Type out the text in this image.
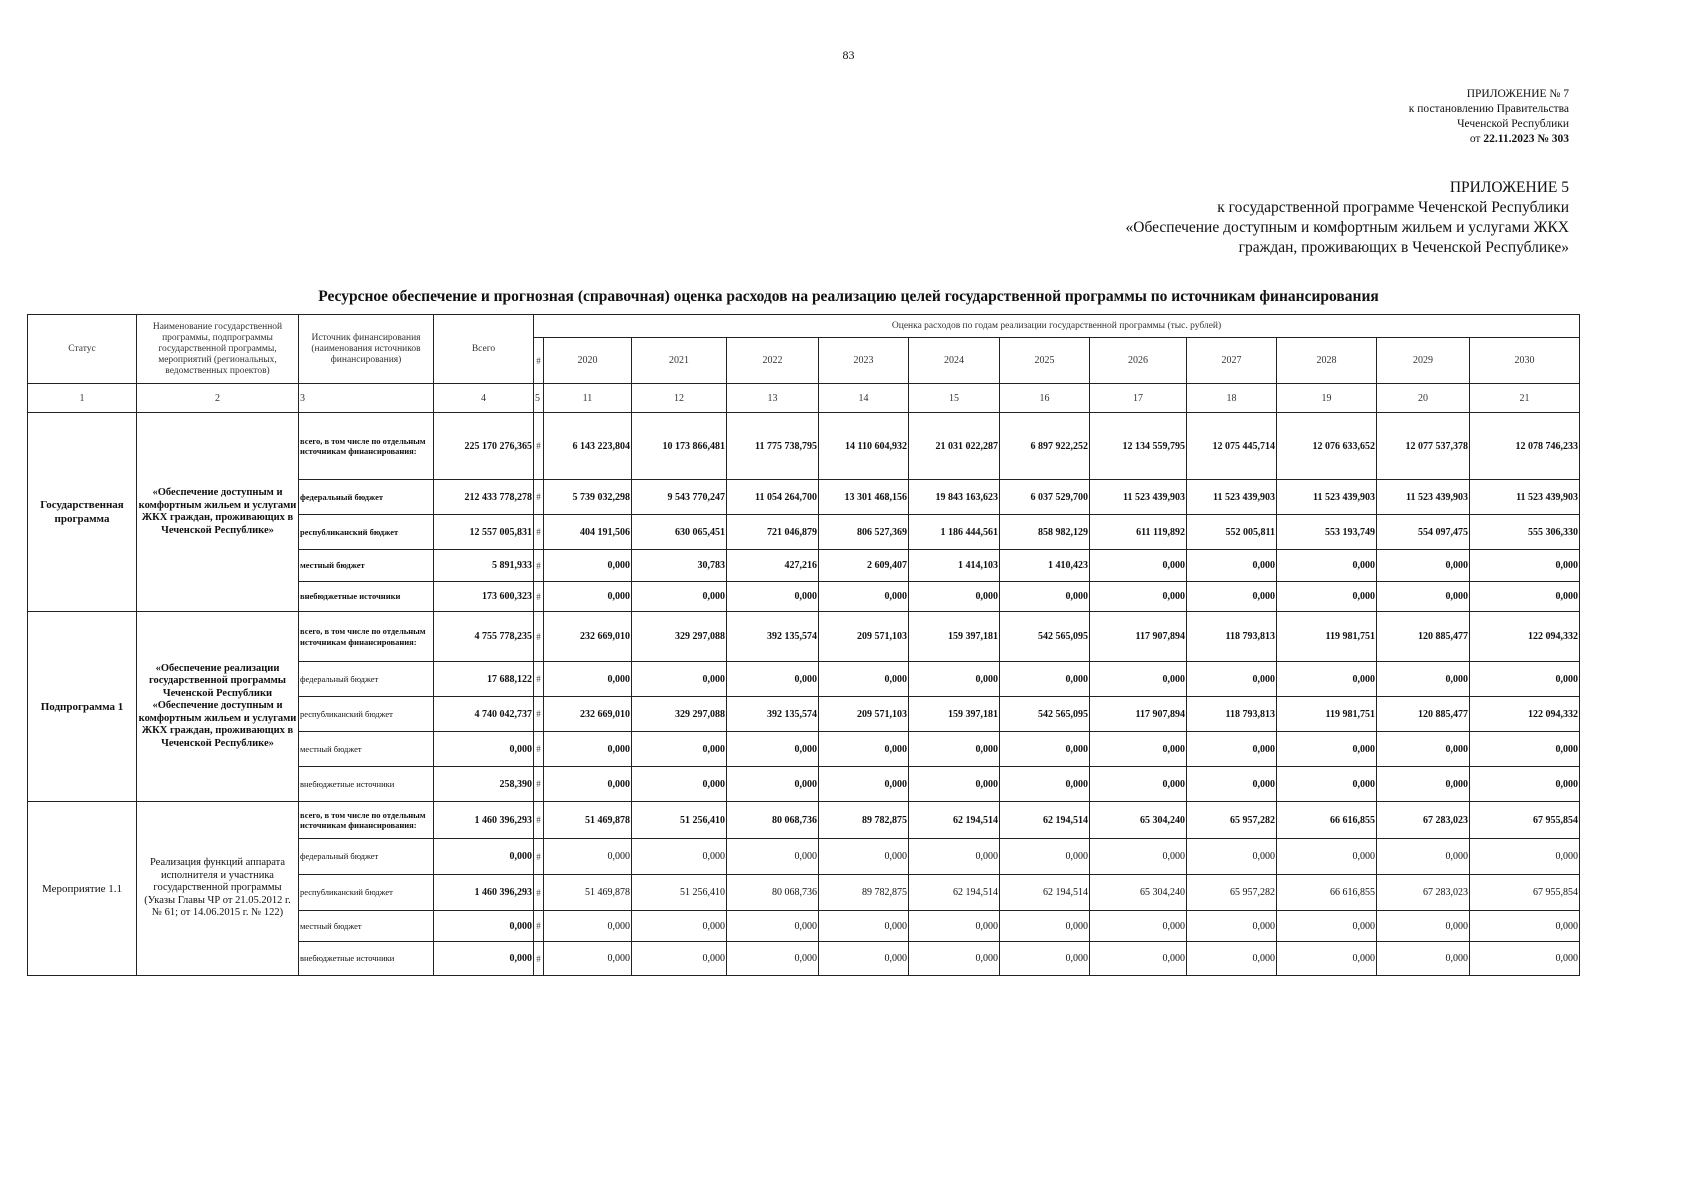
83
ПРИЛОЖЕНИЕ № 7
к постановлению Правительства
Чеченской Республики
от 22.11.2023 № 303
ПРИЛОЖЕНИЕ 5
к государственной программе Чеченской Республики
«Обеспечение доступным и комфортным жильем и услугами ЖКХ
граждан, проживающих в Чеченской Республике»
Ресурсное обеспечение и прогнозная (справочная) оценка расходов на реализацию целей государственной программы по источникам финансирования
Статус	Наименование государственной программы, подпрограммы государственной программы, мероприятий (региональных, ведомственных проектов)	Источник финансирования (наименования источников финансирования)	Всего	Оценка расходов по годам реализации государственной программы (тыс. рублей)											
				#	2020	2021	2022	2023	2024	2025	2026	2027	2028	2029	2030
1	2	3	4	5	11	12	13	14	15	16	17	18	19	20	21
Государственная программа	«Обеспечение доступным и комфортным жильем и услугами ЖКХ граждан, проживающих в Чеченской Республике»	всего, в том числе по отдельным источникам финансирования:	225 170 276,365	#	6 143 223,804	10 173 866,481	11 775 738,795	14 110 604,932	21 031 022,287	6 897 922,252	12 134 559,795	12 075 445,714	12 076 633,652	12 077 537,378	12 078 746,233
		федеральный бюджет	212 433 778,278	#	5 739 032,298	9 543 770,247	11 054 264,700	13 301 468,156	19 843 163,623	6 037 529,700	11 523 439,903	11 523 439,903	11 523 439,903	11 523 439,903	11 523 439,903
		республиканский бюджет	12 557 005,831	#	404 191,506	630 065,451	721 046,879	806 527,369	1 186 444,561	858 982,129	611 119,892	552 005,811	553 193,749	554 097,475	555 306,330
		местный бюджет	5 891,933	#	0,000	30,783	427,216	2 609,407	1 414,103	1 410,423	0,000	0,000	0,000	0,000	0,000
		внебюджетные источники	173 600,323	#	0,000	0,000	0,000	0,000	0,000	0,000	0,000	0,000	0,000	0,000	0,000
Подпрограмма 1	«Обеспечение реализации государственной программы Чеченской Республики «Обеспечение доступным и комфортным жильем и услугами ЖКХ граждан, проживающих в Чеченской Республике»	всего, в том числе по отдельным источникам финансирования:	4 755 778,235	#	232 669,010	329 297,088	392 135,574	209 571,103	159 397,181	542 565,095	117 907,894	118 793,813	119 981,751	120 885,477	122 094,332
		федеральный бюджет	17 688,122	#	0,000	0,000	0,000	0,000	0,000	0,000	0,000	0,000	0,000	0,000	0,000
		республиканский бюджет	4 740 042,737	#	232 669,010	329 297,088	392 135,574	209 571,103	159 397,181	542 565,095	117 907,894	118 793,813	119 981,751	120 885,477	122 094,332
		местный бюджет	0,000	#	0,000	0,000	0,000	0,000	0,000	0,000	0,000	0,000	0,000	0,000	0,000
		внебюджетные источники	258,390	#	0,000	0,000	0,000	0,000	0,000	0,000	0,000	0,000	0,000	0,000	0,000
Мероприятие 1.1	Реализация функций аппарата исполнителя и участника государственной программы (Указы Главы ЧР от 21.05.2012 г. № 61; от 14.06.2015 г. № 122)	всего, в том числе по отдельным источникам финансирования:	1 460 396,293	#	51 469,878	51 256,410	80 068,736	89 782,875	62 194,514	62 194,514	65 304,240	65 957,282	66 616,855	67 283,023	67 955,854
		федеральный бюджет	0,000	#	0,000	0,000	0,000	0,000	0,000	0,000	0,000	0,000	0,000	0,000	0,000
		республиканский бюджет	1 460 396,293	#	51 469,878	51 256,410	80 068,736	89 782,875	62 194,514	62 194,514	65 304,240	65 957,282	66 616,855	67 283,023	67 955,854
		местный бюджет	0,000	#	0,000	0,000	0,000	0,000	0,000	0,000	0,000	0,000	0,000	0,000	0,000
		внебюджетные источники	0,000	#	0,000	0,000	0,000	0,000	0,000	0,000	0,000	0,000	0,000	0,000	0,000
